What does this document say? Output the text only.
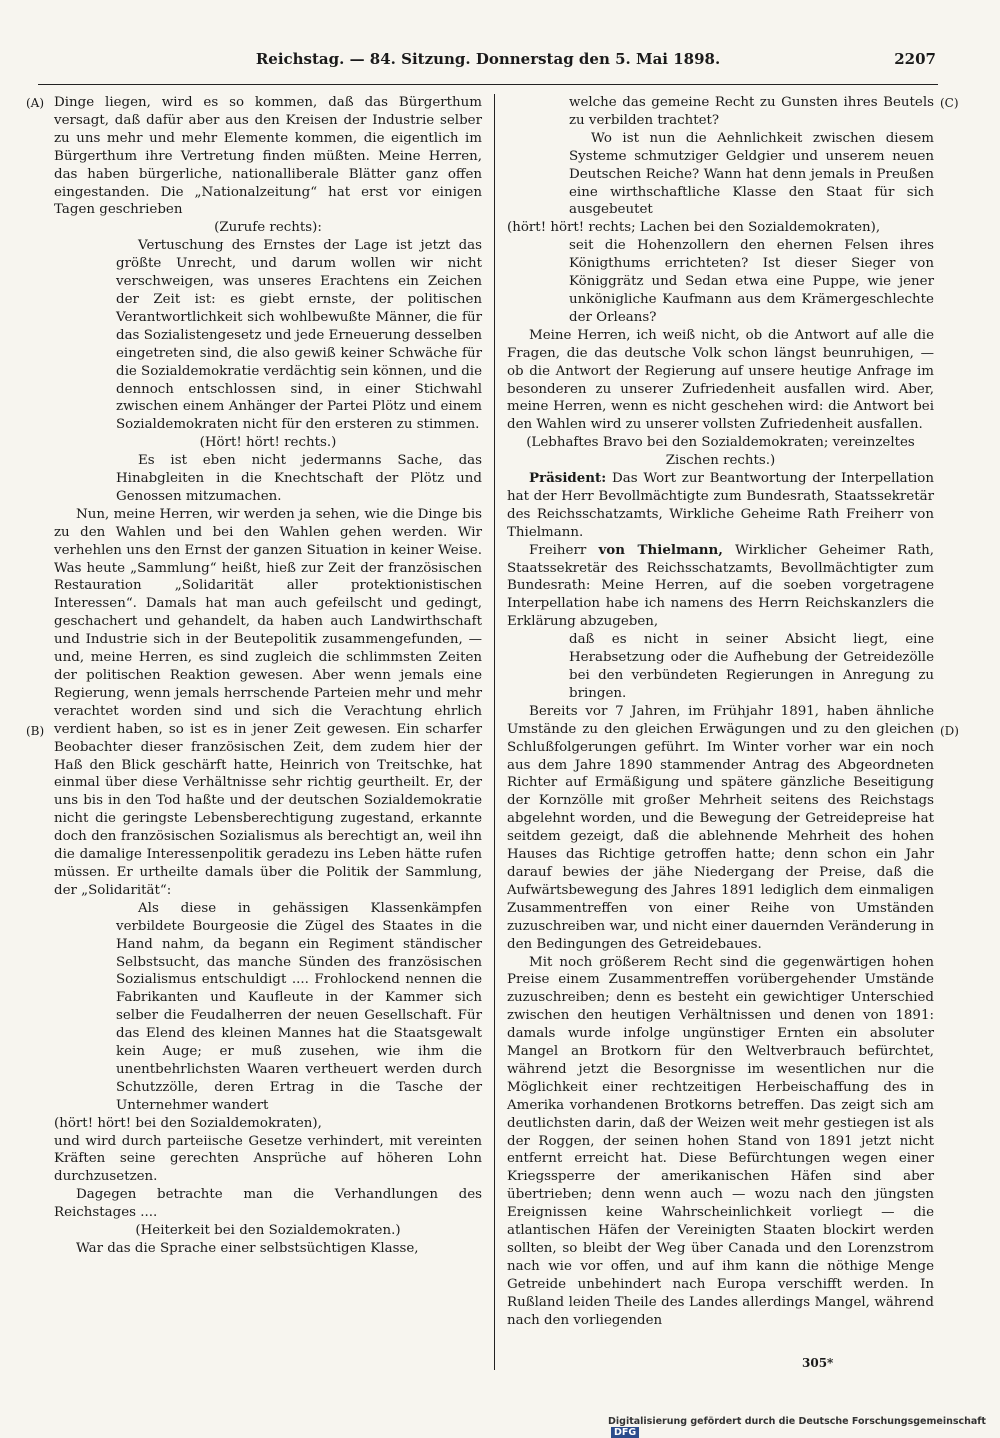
Reichstag. — 84. Sitzung. Donnerstag den 5. Mai 1898.	2207
(A)
(B)
(C)
(D)

Dinge liegen, wird es so kommen, daß das Bürgerthum versagt, daß dafür aber aus den Kreisen der Industrie selber zu uns mehr und mehr Elemente kommen, die eigentlich im Bürgerthum ihre Vertretung finden müßten. Meine Herren, das haben bürgerliche, nationalliberale Blätter ganz offen eingestanden. Die „Nationalzeitung“ hat erst vor einigen Tagen geschrieben

(Zurufe rechts):

Vertuschung des Ernstes der Lage ist jetzt das größte Unrecht, und darum wollen wir nicht verschweigen, was unseres Erachtens ein Zeichen der Zeit ist: es giebt ernste, der politischen Verantwortlichkeit sich wohlbewußte Männer, die für das Sozialistengesetz und jede Erneuerung desselben eingetreten sind, die also gewiß keiner Schwäche für die Sozialdemokratie verdächtig sein können, und die dennoch entschlossen sind, in einer Stichwahl zwischen einem Anhänger der Partei Plötz und einem Sozialdemokraten nicht für den ersteren zu stimmen.

(Hört! hört! rechts.)

Es ist eben nicht jedermanns Sache, das Hinabgleiten in die Knechtschaft der Plötz und Genossen mitzumachen.

Nun, meine Herren, wir werden ja sehen, wie die Dinge bis zu den Wahlen und bei den Wahlen gehen werden. Wir verhehlen uns den Ernst der ganzen Situation in keiner Weise. Was heute „Sammlung“ heißt, hieß zur Zeit der französischen Restauration „Solidarität aller protektionistischen Interessen“. Damals hat man auch gefeilscht und gedingt, geschachert und gehandelt, da haben auch Landwirthschaft und Industrie sich in der Beutepolitik zusammengefunden, — und, meine Herren, es sind zugleich die schlimmsten Zeiten der politischen Reaktion gewesen. Aber wenn jemals eine Regierung, wenn jemals herrschende Parteien mehr und mehr verachtet worden sind und sich die Verachtung ehrlich verdient haben, so ist es in jener Zeit gewesen. Ein scharfer Beobachter dieser französischen Zeit, dem zudem hier der Haß den Blick geschärft hatte, Heinrich von Treitschke, hat einmal über diese Verhältnisse sehr richtig geurtheilt. Er, der uns bis in den Tod haßte und der deutschen Sozialdemokratie nicht die geringste Lebensberechtigung zugestand, erkannte doch den französischen Sozialismus als berechtigt an, weil ihn die damalige Interessenpolitik geradezu ins Leben hätte rufen müssen. Er urtheilte damals über die Politik der Sammlung, der „Solidarität“:

Als diese in gehässigen Klassenkämpfen verbildete Bourgeosie die Zügel des Staates in die Hand nahm, da begann ein Regiment ständischer Selbstsucht, das manche Sünden des französischen Sozialismus entschuldigt .... Frohlockend nennen die Fabrikanten und Kaufleute in der Kammer sich selber die Feudalherren der neuen Gesellschaft. Für das Elend des kleinen Mannes hat die Staatsgewalt kein Auge; er muß zusehen, wie ihm die unentbehrlichsten Waaren vertheuert werden durch Schutzzölle, deren Ertrag in die Tasche der Unternehmer wandert

(hört! hört! bei den Sozialdemokraten),

und wird durch parteiische Gesetze verhindert, mit vereinten Kräften seine gerechten Ansprüche auf höheren Lohn durchzusetzen.

Dagegen betrachte man die Verhandlungen des Reichstages ....

(Heiterkeit bei den Sozialdemokraten.)

War das die Sprache einer selbstsüchtigen Klasse,

welche das gemeine Recht zu Gunsten ihres Beutels zu verbilden trachtet?

Wo ist nun die Aehnlichkeit zwischen diesem Systeme schmutziger Geldgier und unserem neuen Deutschen Reiche? Wann hat denn jemals in Preußen eine wirthschaftliche Klasse den Staat für sich ausgebeutet

(hört! hört! rechts; Lachen bei den Sozialdemokraten),

seit die Hohenzollern den ehernen Felsen ihres Königthums errichteten? Ist dieser Sieger von Königgrätz und Sedan etwa eine Puppe, wie jener unkönigliche Kaufmann aus dem Krämergeschlechte der Orleans?

Meine Herren, ich weiß nicht, ob die Antwort auf alle die Fragen, die das deutsche Volk schon längst beunruhigen, — ob die Antwort der Regierung auf unsere heutige Anfrage im besonderen zu unserer Zufriedenheit ausfallen wird. Aber, meine Herren, wenn es nicht geschehen wird: die Antwort bei den Wahlen wird zu unserer vollsten Zufriedenheit ausfallen.

(Lebhaftes Bravo bei den Sozialdemokraten; vereinzeltes Zischen rechts.)

Präsident: Das Wort zur Beantwortung der Interpellation hat der Herr Bevollmächtigte zum Bundesrath, Staatssekretär des Reichsschatzamts, Wirkliche Geheime Rath Freiherr von Thielmann.

Freiherr von Thielmann, Wirklicher Geheimer Rath, Staatssekretär des Reichsschatzamts, Bevollmächtigter zum Bundesrath: Meine Herren, auf die soeben vorgetragene Interpellation habe ich namens des Herrn Reichskanzlers die Erklärung abzugeben,

daß es nicht in seiner Absicht liegt, eine Herabsetzung oder die Aufhebung der Getreidezölle bei den verbündeten Regierungen in Anregung zu bringen.

Bereits vor 7 Jahren, im Frühjahr 1891, haben ähnliche Umstände zu den gleichen Erwägungen und zu den gleichen Schlußfolgerungen geführt. Im Winter vorher war ein noch aus dem Jahre 1890 stammender Antrag des Abgeordneten Richter auf Ermäßigung und spätere gänzliche Beseitigung der Kornzölle mit großer Mehrheit seitens des Reichstags abgelehnt worden, und die Bewegung der Getreidepreise hat seitdem gezeigt, daß die ablehnende Mehrheit des hohen Hauses das Richtige getroffen hatte; denn schon ein Jahr darauf bewies der jähe Niedergang der Preise, daß die Aufwärtsbewegung des Jahres 1891 lediglich dem einmaligen Zusammentreffen von einer Reihe von Umständen zuzuschreiben war, und nicht einer dauernden Veränderung in den Bedingungen des Getreidebaues.

Mit noch größerem Recht sind die gegenwärtigen hohen Preise einem Zusammentreffen vorübergehender Umstände zuzuschreiben; denn es besteht ein gewichtiger Unterschied zwischen den heutigen Verhältnissen und denen von 1891: damals wurde infolge ungünstiger Ernten ein absoluter Mangel an Brotkorn für den Weltverbrauch befürchtet, während jetzt die Besorgnisse im wesentlichen nur die Möglichkeit einer rechtzeitigen Herbeischaffung des in Amerika vorhandenen Brotkorns betreffen. Das zeigt sich am deutlichsten darin, daß der Weizen weit mehr gestiegen ist als der Roggen, der seinen hohen Stand von 1891 jetzt nicht entfernt erreicht hat. Diese Befürchtungen wegen einer Kriegssperre der amerikanischen Häfen sind aber übertrieben; denn wenn auch — wozu nach den jüngsten Ereignissen keine Wahrscheinlichkeit vorliegt — die atlantischen Häfen der Vereinigten Staaten blockirt werden sollten, so bleibt der Weg über Canada und den Lorenzstrom nach wie vor offen, und auf ihm kann die nöthige Menge Getreide unbehindert nach Europa verschifft werden. In Rußland leiden Theile des Landes allerdings Mangel, während nach den vorliegenden

305*
Digitalisierung gefördert durch die Deutsche ForschungsgemeinschaftDFG
